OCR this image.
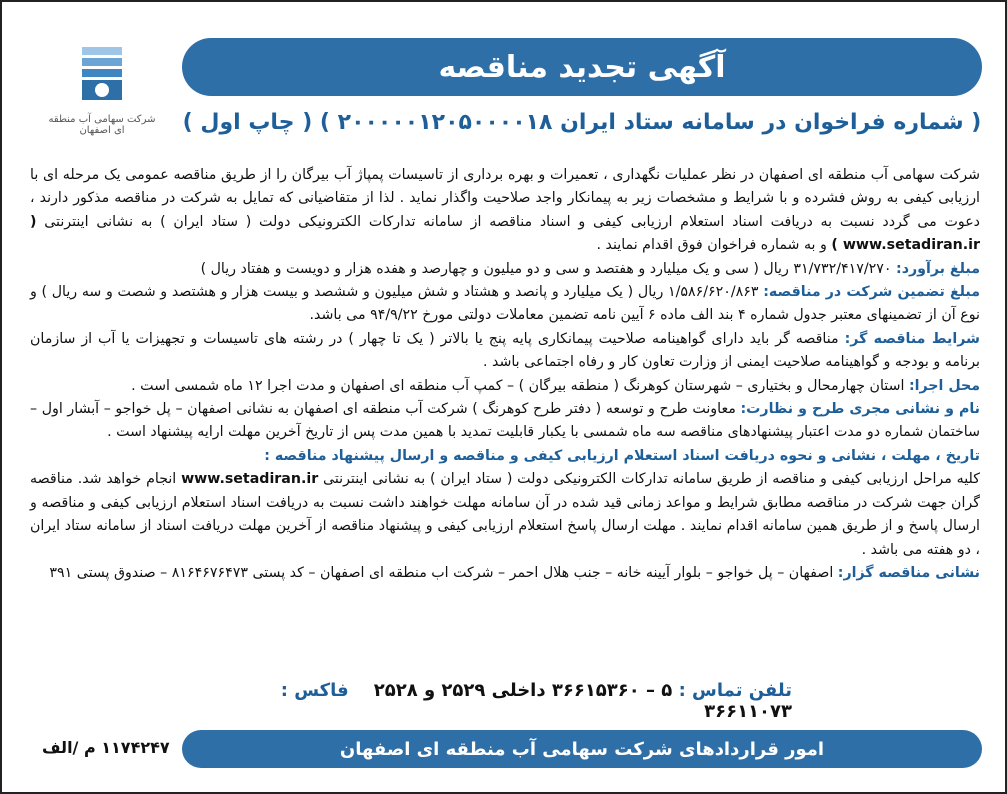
شرکت سهامی آب منطقه ای اصفهان
آگهی تجدید مناقصه
( شماره فراخوان در سامانه ستاد ایران ۲۰۰۰۰۰۱۲۰۵۰۰۰۰۱۸ ) ( چاپ اول )

شرکت سهامی آب منطقه ای اصفهان در نظر عملیات نگهداری ، تعمیرات و بهره برداری از تاسیسات پمپاژ آب بیرگان را از طریق مناقصه عمومی یک مرحله ای با ارزیابی کیفی به روش فشرده و با شرایط و مشخصات زیر به پیمانکار واجد صلاحیت واگذار نماید . لذا از متقاضیانی که تمایل به شرکت در مناقصه مذکور دارند ، دعوت می گردد نسبت به دریافت اسناد استعلام ارزیابی کیفی و اسناد مناقصه از سامانه تدارکات الکترونیکی دولت ( ستاد ایران ) به نشانی اینترنتی ( www.setadiran.ir ) و به شماره فراخوان فوق اقدام نمایند .

مبلغ برآورد: ۳۱/۷۳۲/۴۱۷/۲۷۰ ریال ( سی و یک میلیارد و هفتصد و سی و دو میلیون و چهارصد و هفده هزار و دویست و هفتاد ریال )

مبلغ تضمین شرکت در مناقصه: ۱/۵۸۶/۶۲۰/۸۶۳ ریال ( یک میلیارد و پانصد و هشتاد و شش میلیون و ششصد و بیست هزار و هشتصد و شصت و سه ریال ) و نوع آن از تضمینهای معتبر جدول شماره ۴ بند الف ماده ۶ آیین نامه تضمین معاملات دولتی مورخ ۹۴/۹/۲۲ می باشد.

شرایط مناقصه گر: مناقصه گر باید دارای گواهینامه صلاحیت پیمانکاری پایه پنج یا بالاتر ( یک تا چهار ) در رشته های تاسیسات و تجهیزات یا آب از سازمان برنامه و بودجه و گواهینامه صلاحیت ایمنی از وزارت تعاون کار و رفاه اجتماعی باشد .

محل اجرا: استان چهارمحال و بختیاری – شهرستان کوهرنگ ( منطقه بیرگان ) – کمپ آب منطقه ای اصفهان و مدت اجرا ۱۲ ماه شمسی است .

نام و نشانی مجری طرح و نظارت: معاونت طرح و توسعه ( دفتر طرح کوهرنگ ) شرکت آب منطقه ای اصفهان به نشانی اصفهان – پل خواجو – آبشار اول – ساختمان شماره دو مدت اعتبار پیشنهادهای مناقصه سه ماه شمسی با یکبار قابلیت تمدید با همین مدت پس از تاریخ آخرین مهلت ارایه پیشنهاد است .

تاریخ ، مهلت ، نشانی و نحوه دریافت اسناد استعلام ارزیابی کیفی و مناقصه و ارسال پیشنهاد مناقصه :

کلیه مراحل ارزیابی کیفی و مناقصه از طریق سامانه تدارکات الکترونیکی دولت ( ستاد ایران ) به نشانی اینترنتی www.setadiran.ir انجام خواهد شد. مناقصه گران جهت شرکت در مناقصه مطابق شرایط و مواعد زمانی قید شده در آن سامانه مهلت خواهند داشت نسبت به دریافت اسناد استعلام ارزیابی کیفی و مناقصه و ارسال پاسخ و از طریق همین سامانه اقدام نمایند . مهلت ارسال پاسخ استعلام ارزیابی کیفی و پیشنهاد مناقصه از آخرین مهلت دریافت اسناد از سامانه ستاد ایران ، دو هفته می باشد .

نشانی مناقصه گزار: اصفهان – پل خواجو – بلوار آیینه خانه – جنب هلال احمر – شرکت اب منطقه ای اصفهان – کد پستی ۸۱۶۴۶۷۶۴۷۳ – صندوق پستی ۳۹۱

تلفن تماس : ۵ – ۳۶۶۱۵۳۶۰ داخلی ۲۵۲۹ و ۲۵۲۸    فاکس : ۳۶۶۱۱۰۷۳
امور قراردادهای شرکت سهامی آب منطقه ای اصفهان
۱۱۷۴۲۴۷ م /الف
